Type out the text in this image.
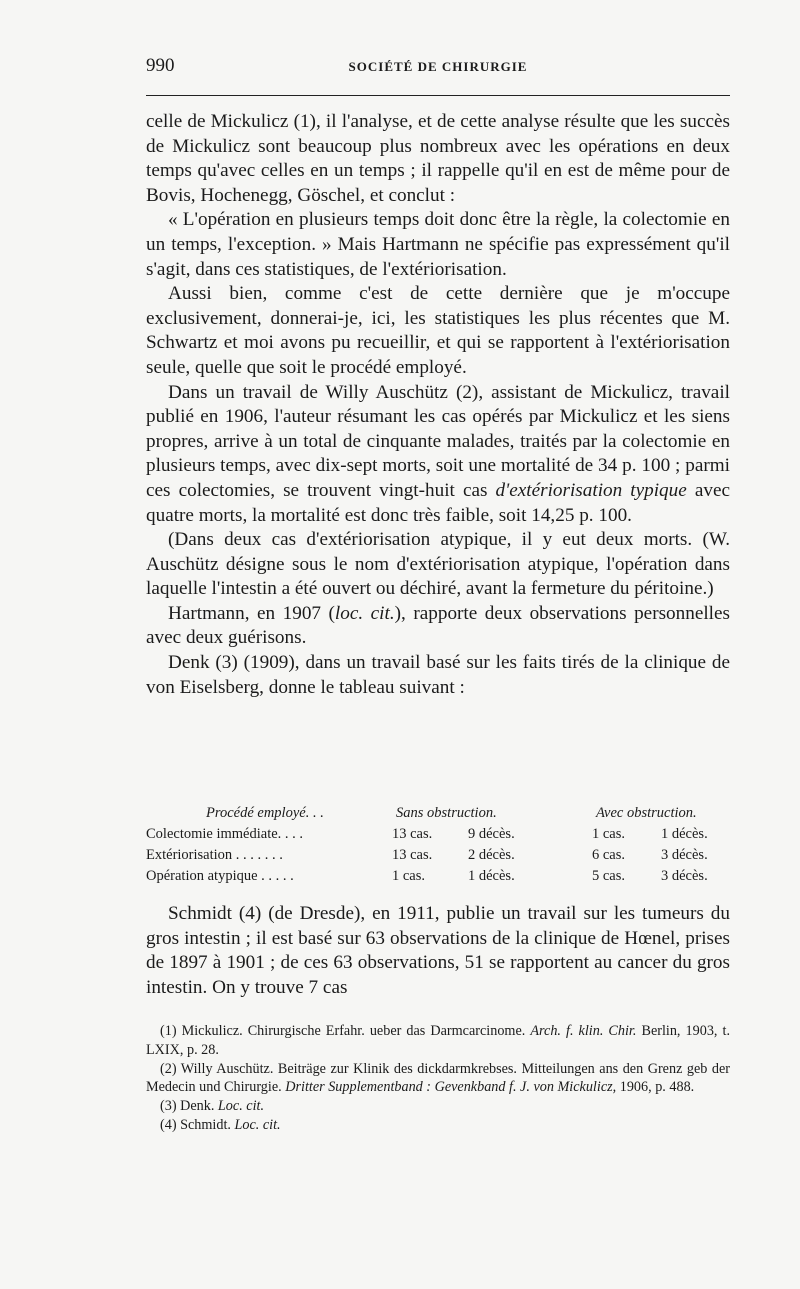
990	SOCIÉTÉ DE CHIRURGIE

celle de Mickulicz (1), il l'analyse, et de cette analyse résulte que les succès de Mickulicz sont beaucoup plus nombreux avec les opérations en deux temps qu'avec celles en un temps ; il rappelle qu'il en est de même pour de Bovis, Hochenegg, Göschel, et conclut :

« L'opération en plusieurs temps doit donc être la règle, la colectomie en un temps, l'exception. » Mais Hartmann ne spécifie pas expressément qu'il s'agit, dans ces statistiques, de l'extériorisation.

Aussi bien, comme c'est de cette dernière que je m'occupe exclusivement, donnerai-je, ici, les statistiques les plus récentes que M. Schwartz et moi avons pu recueillir, et qui se rapportent à l'extériorisation seule, quelle que soit le procédé employé.

Dans un travail de Willy Auschütz (2), assistant de Mickulicz, travail publié en 1906, l'auteur résumant les cas opérés par Mickulicz et les siens propres, arrive à un total de cinquante malades, traités par la colectomie en plusieurs temps, avec dix-sept morts, soit une mortalité de 34 p. 100 ; parmi ces colectomies, se trouvent vingt-huit cas d'extériorisation typique avec quatre morts, la mortalité est donc très faible, soit 14,25 p. 100.

(Dans deux cas d'extériorisation atypique, il y eut deux morts. (W. Auschütz désigne sous le nom d'extériorisation atypique, l'opération dans laquelle l'intestin a été ouvert ou déchiré, avant la fermeture du péritoine.)

Hartmann, en 1907 (loc. cit.), rapporte deux observations personnelles avec deux guérisons.

Denk (3) (1909), dans un travail basé sur les faits tirés de la clinique de von Eiselsberg, donne le tableau suivant :

Procédé employé. . .	Sans obstruction.	Avec obstruction.
Colectomie immédiate. . . .	13 cas. 9 décès.	1 cas. 1 décès.
Extériorisation . . . . . . .	13 cas. 2 décès.	6 cas. 3 décès.
Opération atypique . . . . .	1 cas.	1 décès.	5 cas. 3 décès.

Schmidt (4) (de Dresde), en 1911, publie un travail sur les tumeurs du gros intestin ; il est basé sur 63 observations de la clinique de Hœnel, prises de 1897 à 1901 ; de ces 63 observations, 51 se rapportent au cancer du gros intestin. On y trouve 7 cas

(1) Mickulicz. Chirurgische Erfahr. ueber das Darmcarcinome. Arch. f. klin. Chir. Berlin, 1903, t. LXIX, p. 28.

(2) Willy Auschütz. Beiträge zur Klinik des dickdarmkrebses. Mitteilungen ans den Grenz geb der Medecin und Chirurgie. Dritter Supplementband : Gevenkband f. J. von Mickulicz, 1906, p. 488.

(3) Denk. Loc. cit.

(4) Schmidt. Loc. cit.
